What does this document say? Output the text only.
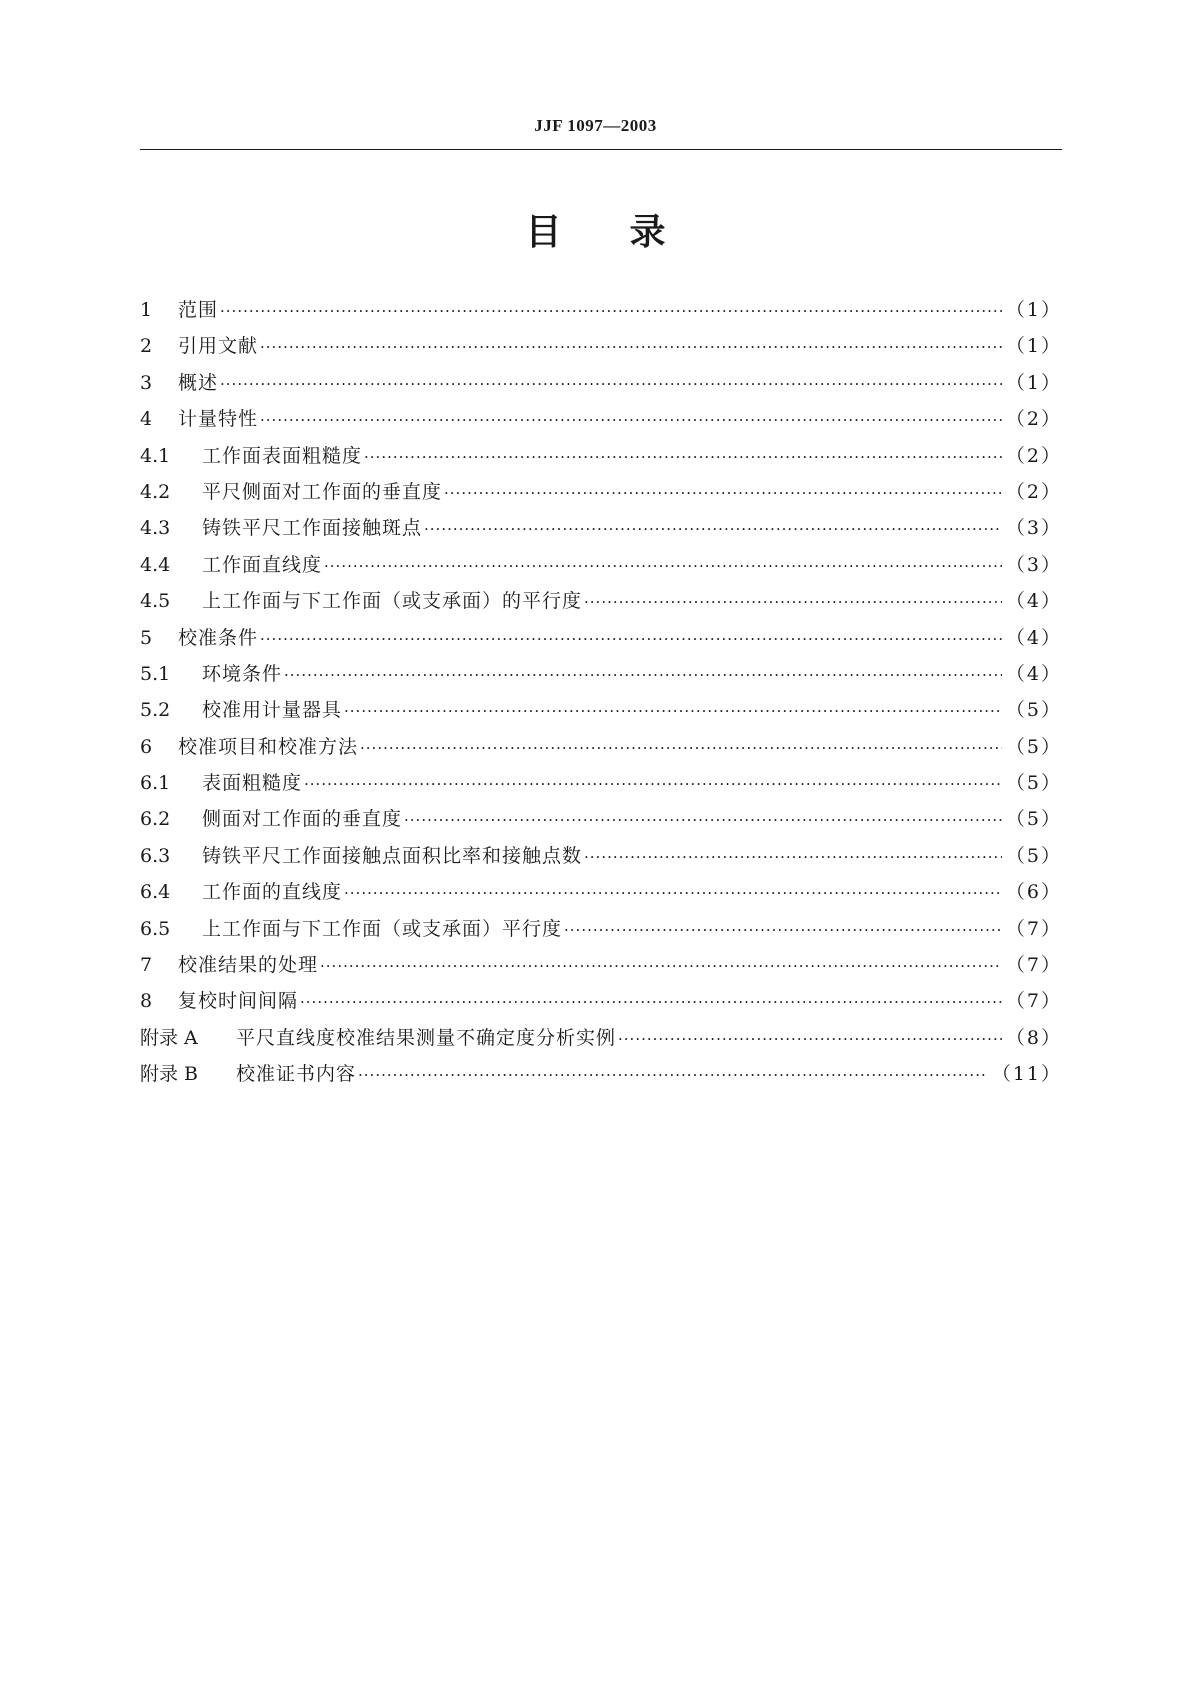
JJF 1097—2003
目录
1	范围 ·····	（1）
2	引用文献 ·····	（1）
3	概述 ·····	（1）
4	计量特性 ·····	（2）
4.1	工作面表面粗糙度 ·····	（2）
4.2	平尺侧面对工作面的垂直度 ·····	（2）
4.3	铸铁平尺工作面接触斑点 ·····	（3）
4.4	工作面直线度 ·····	（3）
4.5	上工作面与下工作面（或支承面）的平行度 ·····	（4）
5	校准条件 ·····	（4）
5.1	环境条件 ·····	（4）
5.2	校准用计量器具 ·····	（5）
6	校准项目和校准方法 ·····	（5）
6.1	表面粗糙度 ·····	（5）
6.2	侧面对工作面的垂直度 ·····	（5）
6.3	铸铁平尺工作面接触点面积比率和接触点数 ·····	（5）
6.4	工作面的直线度 ·····	（6）
6.5	上工作面与下工作面（或支承面）平行度 ·····	（7）
7	校准结果的处理 ·····	（7）
8	复校时间间隔 ·····	（7）
附录 A	平尺直线度校准结果测量不确定度分析实例 ·····	（8）
附录 B	校准证书内容 ·····	（11）
